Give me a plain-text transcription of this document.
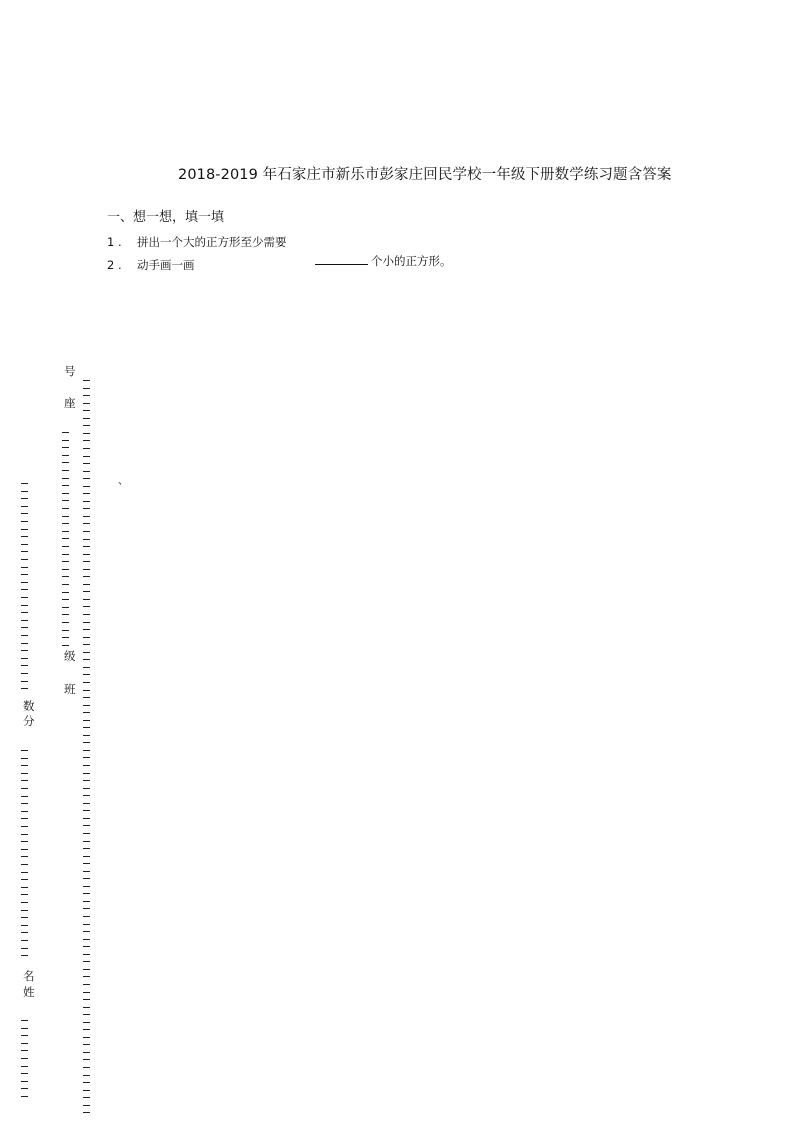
2018-2019 年石家庄市新乐市彭家庄回民学校一年级下册数学练习题含答案
一、想一想，填一填
1 . 拼出一个大的正方形至少需要
2 . 动手画一画	个小的正方形。
、
号
座
级
班
数
分
名
姓
